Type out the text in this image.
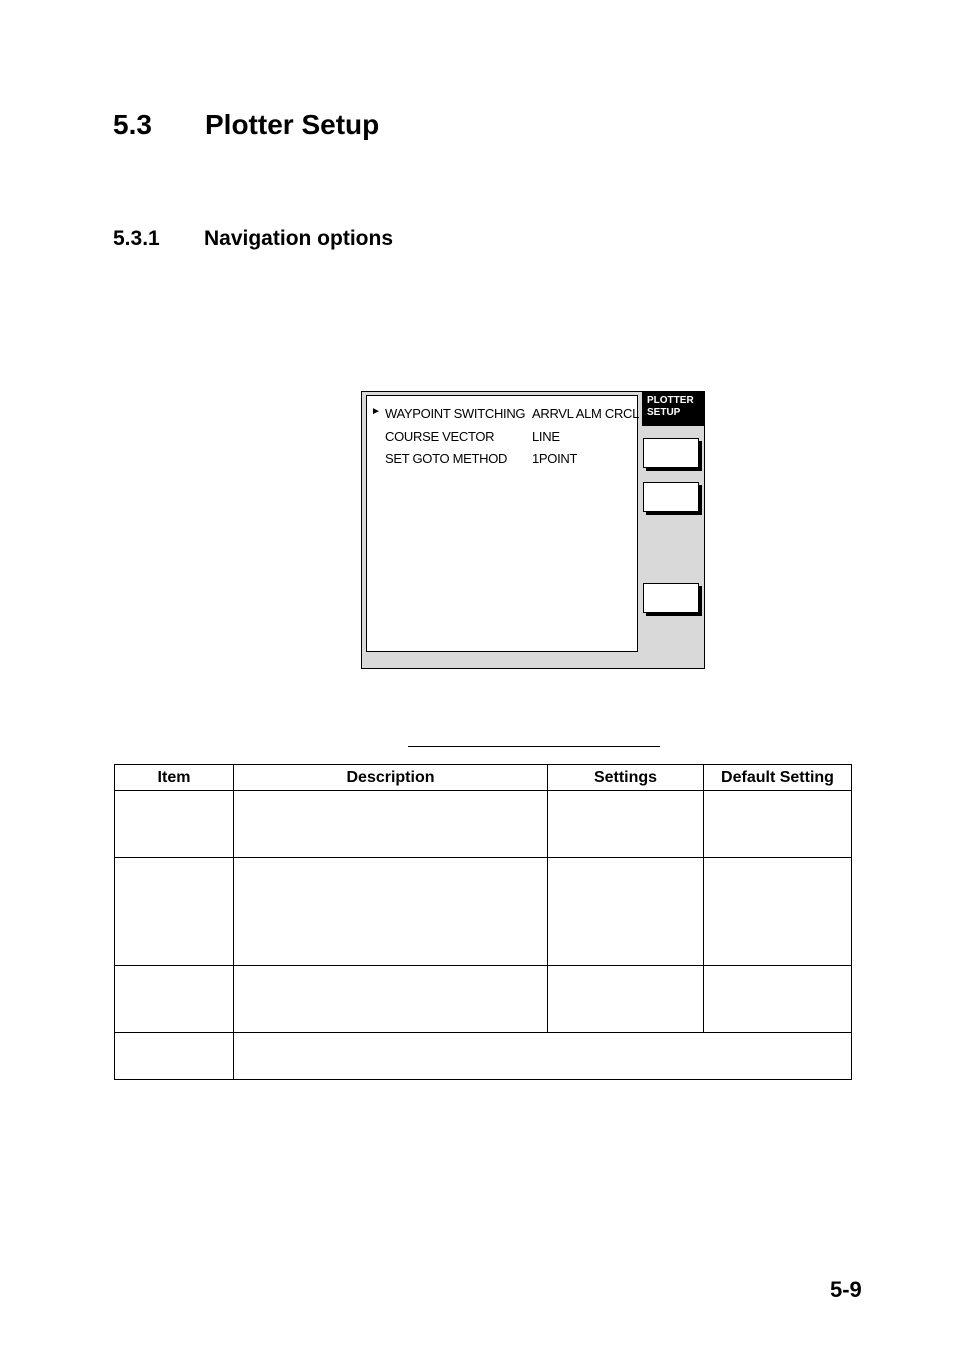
5.3 Plotter Setup
5.3.1 Navigation options
► WAYPOINT SWITCHING ARRVL ALM CRCL
COURSE VECTOR	LINE
SET GOTO METHOD 1POINT
PLOTTER
SETUP
Item	Description	Settings	Default Setting

5-9
